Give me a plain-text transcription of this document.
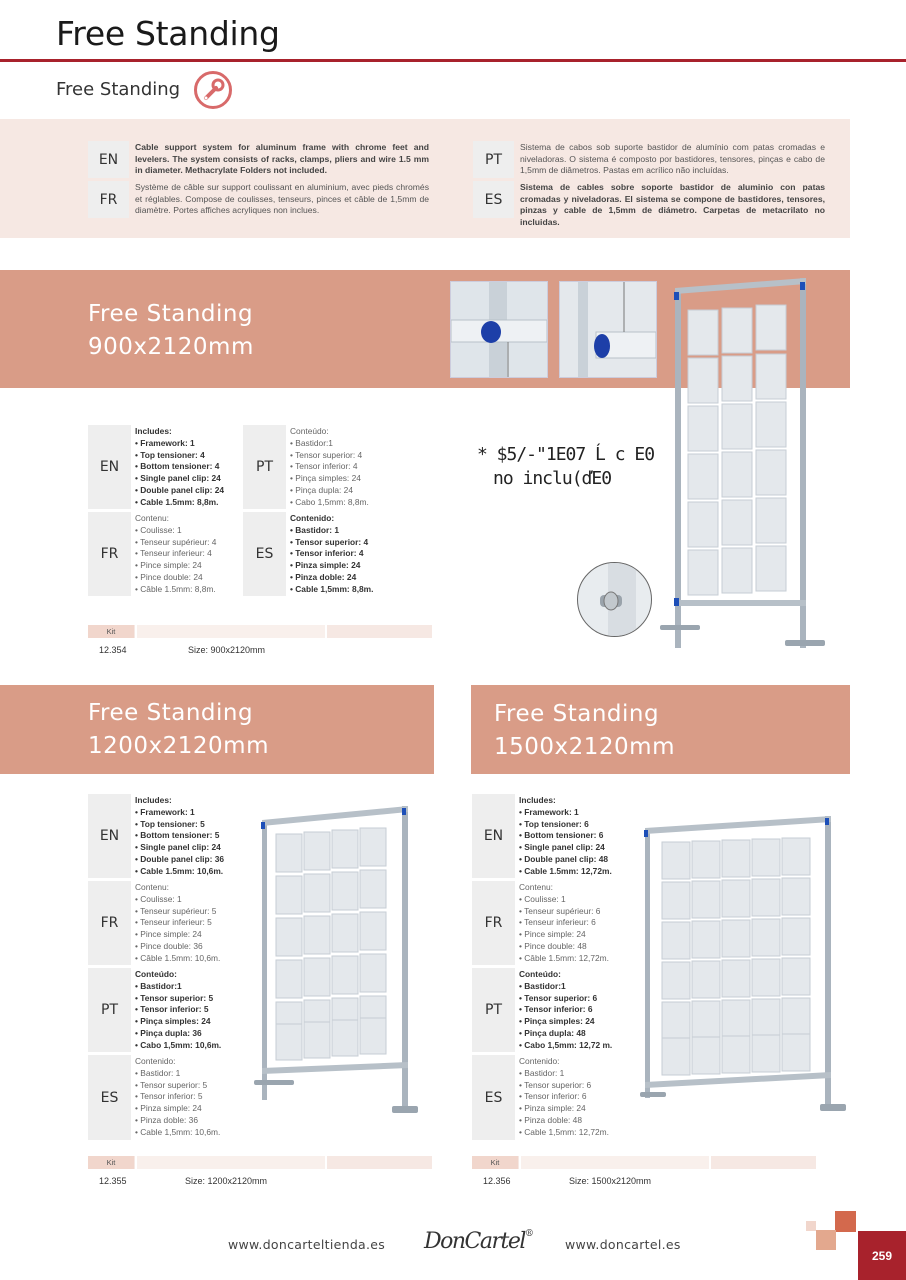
Free Standing
Free Standing
EN
Cable support system for aluminum frame with chrome feet and levelers. The system consists of racks, clamps, pliers and wire 1.5 mm in diameter. Methacrylate Folders not included.
FR
Système de câble sur support coulissant en aluminium, avec pieds chromés et réglables. Compose de coulisses, tenseurs, pinces et câble de 1,5mm de diamètre. Portes affiches acryliques non inclues.
PT
Sistema de cabos sob suporte bastidor de alumínio com patas cromadas e niveladoras. O sistema é composto por bastidores, tensores, pinças e cabo de 1,5mm de diâmetros. Pastas em acrílico não incluídas.
ES
Sistema de cables sobre soporte bastidor de aluminio con patas cromadas y niveladoras. El sistema se compone de bastidores, tensores, pinzas y cable de 1,5mm de diámetro. Carpetas de metacrilato no incluidas.
Free Standing
900x2120mm
* $5/-"1E07 Ĺ c E0
no inclu(ďE0
EN
Includes:
• Framework: 1
• Top tensioner: 4
• Bottom tensioner: 4
• Single panel clip: 24
• Double panel clip: 24
• Cable 1.5mm: 8,8m.
PT
Conteúdo:
• Bastidor:1
• Tensor superior: 4
• Tensor inferior: 4
• Pinça simples: 24
• Pinça dupla: 24
• Cabo 1,5mm: 8,8m.
FR
Contenu:
• Coulisse: 1
• Tenseur supérieur: 4
• Tenseur inferieur: 4
• Pince simple: 24
• Pince double: 24
• Câble 1.5mm: 8,8m.
ES
Contenido:
• Bastidor: 1
• Tensor superior: 4
• Tensor inferior: 4
• Pinza simple: 24
• Pinza doble: 24
• Cable 1,5mm: 8,8m.
Kit
12.354	Size: 900x2120mm
Free Standing
1200x2120mm
Free Standing
1500x2120mm
EN
Includes:
• Framework: 1
• Top tensioner: 5
• Bottom tensioner: 5
• Single panel clip: 24
• Double panel clip: 36
• Cable 1.5mm: 10,6m.
FR
Contenu:
• Coulisse: 1
• Tenseur supérieur: 5
• Tenseur inferieur: 5
• Pince simple: 24
• Pince double: 36
• Câble 1.5mm: 10,6m.
PT
Conteúdo:
• Bastidor:1
• Tensor superior: 5
• Tensor inferior: 5
• Pinça simples: 24
• Pinça dupla: 36
• Cabo 1,5mm: 10,6m.
ES
Contenido:
• Bastidor: 1
• Tensor superior: 5
• Tensor inferior: 5
• Pinza simple: 24
• Pinza doble: 36
• Cable 1,5mm: 10,6m.
Kit
12.355	Size: 1200x2120mm
EN
Includes:
• Framework: 1
• Top tensioner: 6
• Bottom tensioner: 6
• Single panel clip: 24
• Double panel clip: 48
• Cable 1.5mm: 12,72m.
FR
Contenu:
• Coulisse: 1
• Tenseur supérieur: 6
• Tenseur inferieur: 6
• Pince simple: 24
• Pince double: 48
• Câble 1.5mm: 12,72m.
PT
Conteúdo:
• Bastidor:1
• Tensor superior: 6
• Tensor inferior: 6
• Pinça simples: 24
• Pinça dupla: 48
• Cabo 1,5mm: 12,72 m.
ES
Contenido:
• Bastidor: 1
• Tensor superior: 6
• Tensor inferior: 6
• Pinza simple: 24
• Pinza doble: 48
• Cable 1,5mm: 12,72m.
Kit
12.356	Size: 1500x2120mm
www.doncarteltienda.es DonCartel®
www.doncartel.es
259
